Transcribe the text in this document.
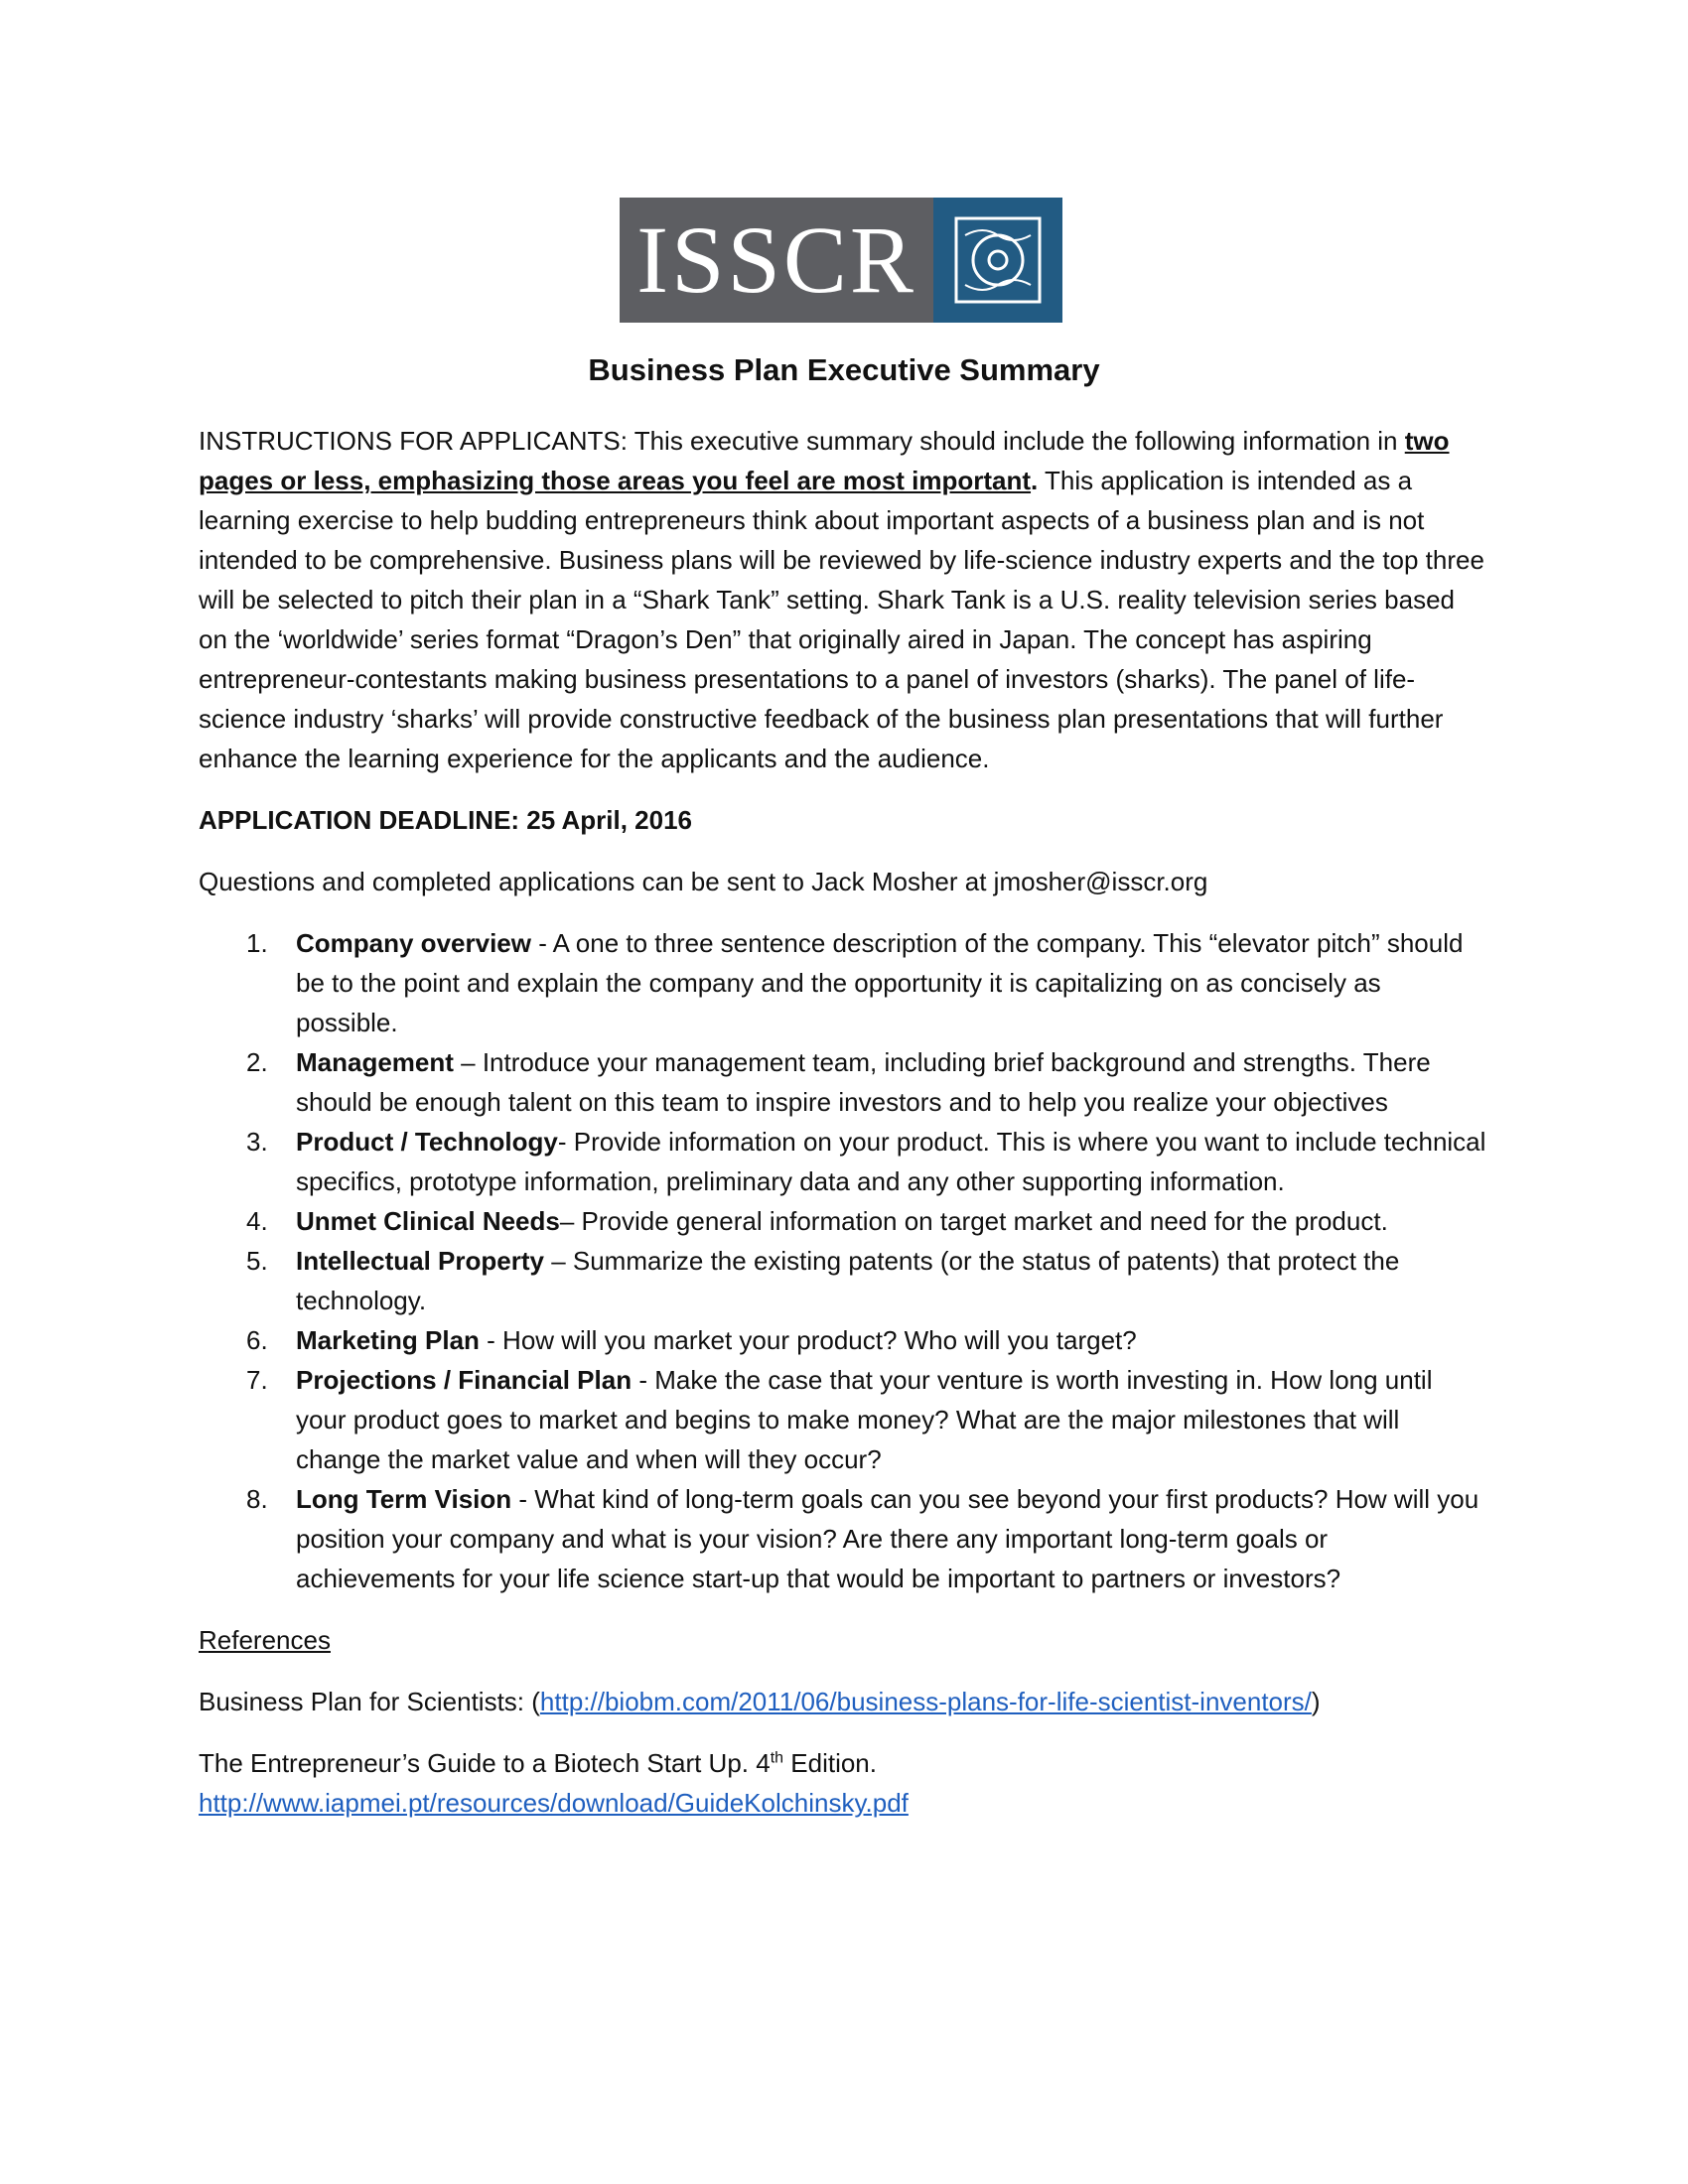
ISSCR
Business Plan Executive Summary

INSTRUCTIONS FOR APPLICANTS: This executive summary should include the following information in two pages or less, emphasizing those areas you feel are most important. This application is intended as a learning exercise to help budding entrepreneurs think about important aspects of a business plan and is not intended to be comprehensive. Business plans will be reviewed by life-science industry experts and the top three will be selected to pitch their plan in a “Shark Tank” setting. Shark Tank is a U.S. reality television series based on the ‘worldwide’ series format “Dragon’s Den” that originally aired in Japan. The concept has aspiring entrepreneur-contestants making business presentations to a panel of investors (sharks). The panel of life-science industry ‘sharks’ will provide constructive feedback of the business plan presentations that will further enhance the learning experience for the applicants and the audience.

APPLICATION DEADLINE: 25 April, 2016

Questions and completed applications can be sent to Jack Mosher at jmosher@isscr.org

1.	Company overview - A one to three sentence description of the company. This “elevator pitch” should be to the point and explain the company and the opportunity it is capitalizing on as concisely as possible.
2.	Management – Introduce your management team, including brief background and strengths. There should be enough talent on this team to inspire investors and to help you realize your objectives
3.	Product / Technology- Provide information on your product. This is where you want to include technical specifics, prototype information, preliminary data and any other supporting information.
4.	Unmet Clinical Needs– Provide general information on target market and need for the product.
5.	Intellectual Property – Summarize the existing patents (or the status of patents) that protect the technology.
6.	Marketing Plan - How will you market your product? Who will you target?
7.	Projections / Financial Plan - Make the case that your venture is worth investing in. How long until your product goes to market and begins to make money? What are the major milestones that will change the market value and when will they occur?
8.	Long Term Vision - What kind of long-term goals can you see beyond your first products? How will you position your company and what is your vision? Are there any important long-term goals or achievements for your life science start-up that would be important to partners or investors?

References

Business Plan for Scientists: (http://biobm.com/2011/06/business-plans-for-life-scientist-inventors/)

The Entrepreneur’s Guide to a Biotech Start Up. 4th Edition.
http://www.iapmei.pt/resources/download/GuideKolchinsky.pdf
